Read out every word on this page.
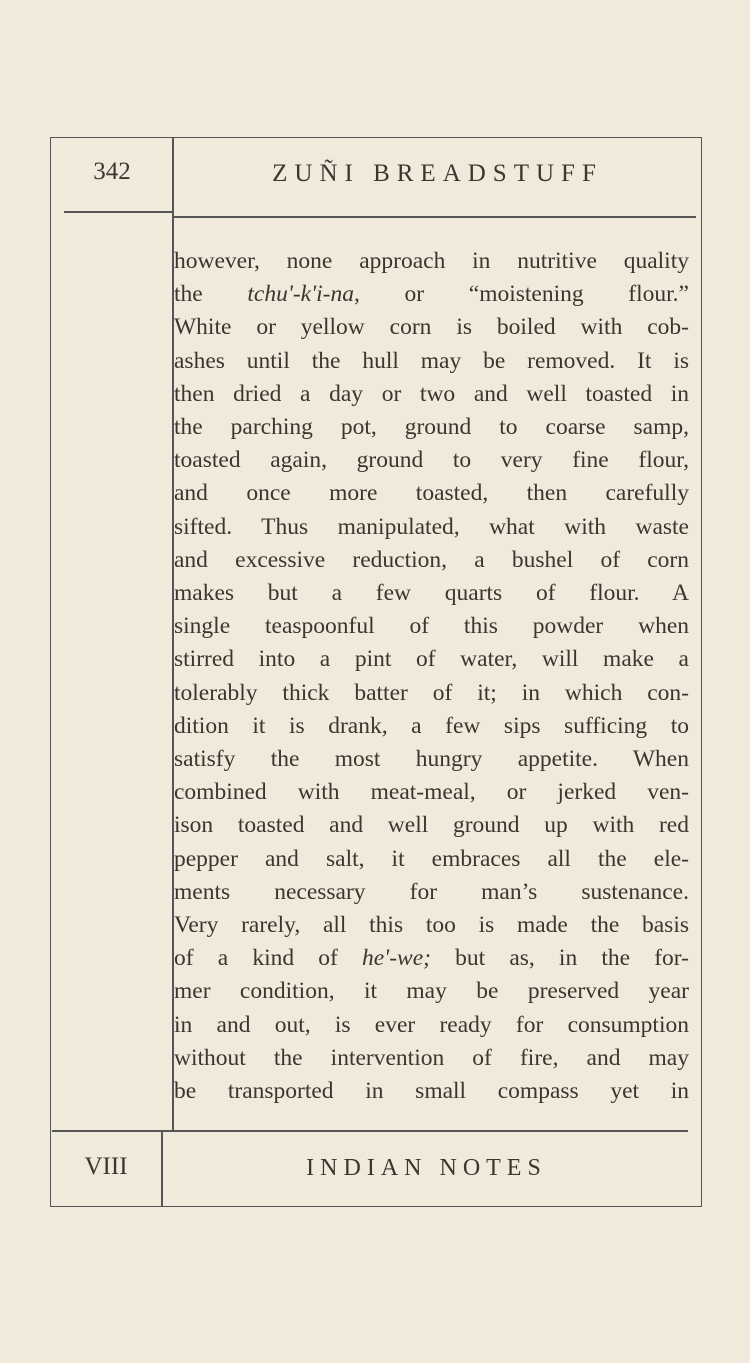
342	ZUÑI BREADSTUFF
however, none approach in nutritive quality
the tchu'-k'i-na, or “moistening flour.”
White or yellow corn is boiled with cob-
ashes until the hull may be removed. It is
then dried a day or two and well toasted in
the parching pot, ground to coarse samp,
toasted again, ground to very fine flour,
and once more toasted, then carefully
sifted. Thus manipulated, what with waste
and excessive reduction, a bushel of corn
makes but a few quarts of flour. A
single teaspoonful of this powder when
stirred into a pint of water, will make a
tolerably thick batter of it; in which con-
dition it is drank, a few sips sufficing to
satisfy the most hungry appetite. When
combined with meat-meal, or jerked ven-
ison toasted and well ground up with red
pepper and salt, it embraces all the ele-
ments necessary for man’s sustenance.
Very rarely, all this too is made the basis
of a kind of he'-we; but as, in the for-
mer condition, it may be preserved year
in and out, is ever ready for consumption
without the intervention of fire, and may
be transported in small compass yet in
VIII	INDIAN NOTES
